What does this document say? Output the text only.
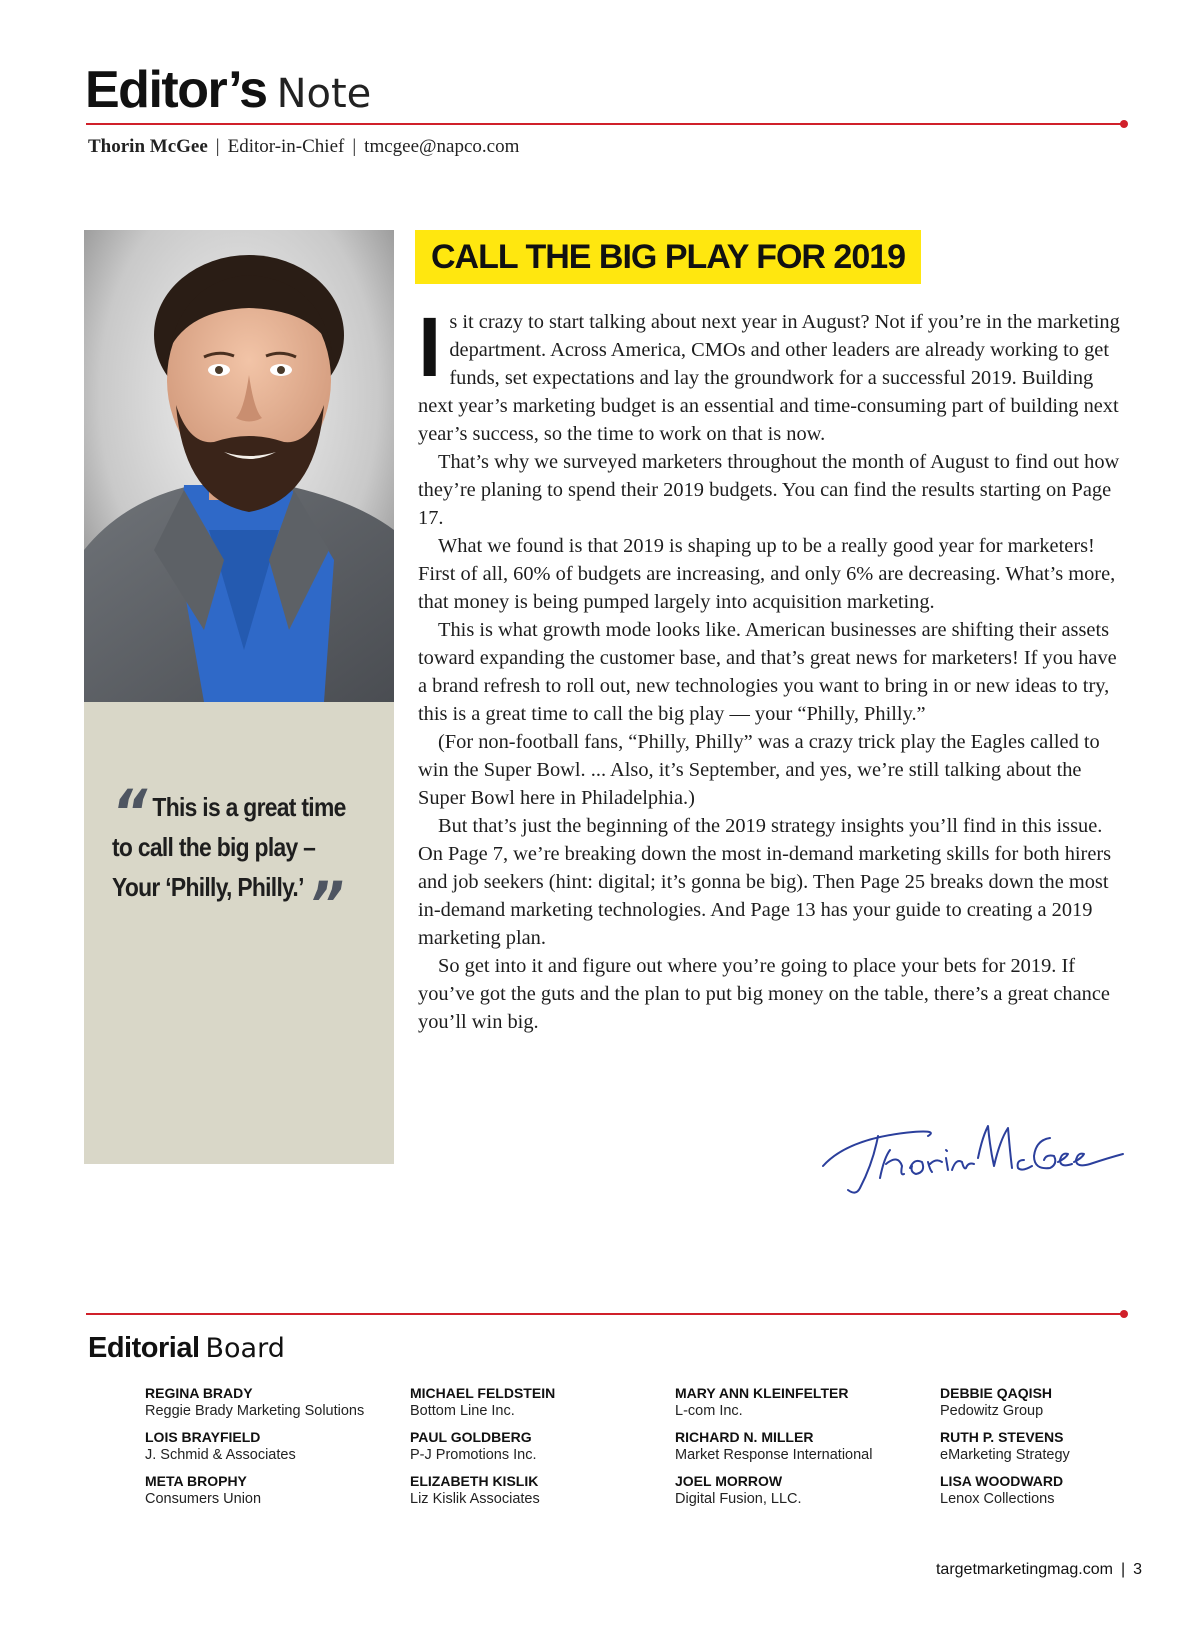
Editor’s Note
Thorin McGee | Editor-in-Chief | tmcgee@napco.com
“ This is a great time to call the big play – Your ‘Philly, Philly.’”
CALL THE BIG PLAY FOR 2019

Is it crazy to start talking about next year in August? Not if you’re in the marketing department. Across America, CMOs and other leaders are already working to get funds, set expectations and lay the groundwork for a successful 2019. Building next year’s marketing budget is an essential and time-consuming part of building next year’s success, so the time to work on that is now.

That’s why we surveyed marketers throughout the month of August to find out how they’re planing to spend their 2019 budgets. You can find the results starting on Page 17.

What we found is that 2019 is shaping up to be a really good year for marketers! First of all, 60% of budgets are increasing, and only 6% are decreasing. What’s more, that money is being pumped largely into acquisition marketing.

This is what growth mode looks like. American businesses are shifting their assets toward expanding the customer base, and that’s great news for marketers! If you have a brand refresh to roll out, new technologies you want to bring in or new ideas to try, this is a great time to call the big play — your “Philly, Philly.”

(For non-football fans, “Philly, Philly” was a crazy trick play the Eagles called to win the Super Bowl. ... Also, it’s September, and yes, we’re still talking about the Super Bowl here in Philadelphia.)

But that’s just the beginning of the 2019 strategy insights you’ll find in this issue. On Page 7, we’re breaking down the most in-demand marketing skills for both hirers and job seekers (hint: digital; it’s gonna be big). Then Page 25 breaks down the most in-demand marketing technologies. And Page 13 has your guide to creating a 2019 marketing plan.

So get into it and figure out where you’re going to place your bets for 2019. If you’ve got the guts and the plan to put big money on the table, there’s a great chance you’ll win big.

Editorial Board
REGINA BRADY
Reggie Brady Marketing Solutions
LOIS BRAYFIELD
J. Schmid & Associates
META BROPHY
Consumers Union
MICHAEL FELDSTEIN
Bottom Line Inc.
PAUL GOLDBERG
P-J Promotions Inc.
ELIZABETH KISLIK
Liz Kislik Associates
MARY ANN KLEINFELTER
L-com Inc.
RICHARD N. MILLER
Market Response International
JOEL MORROW
Digital Fusion, LLC.
DEBBIE QAQISH
Pedowitz Group
RUTH P. STEVENS
eMarketing Strategy
LISA WOODWARD
Lenox Collections
targetmarketingmag.com | 3
